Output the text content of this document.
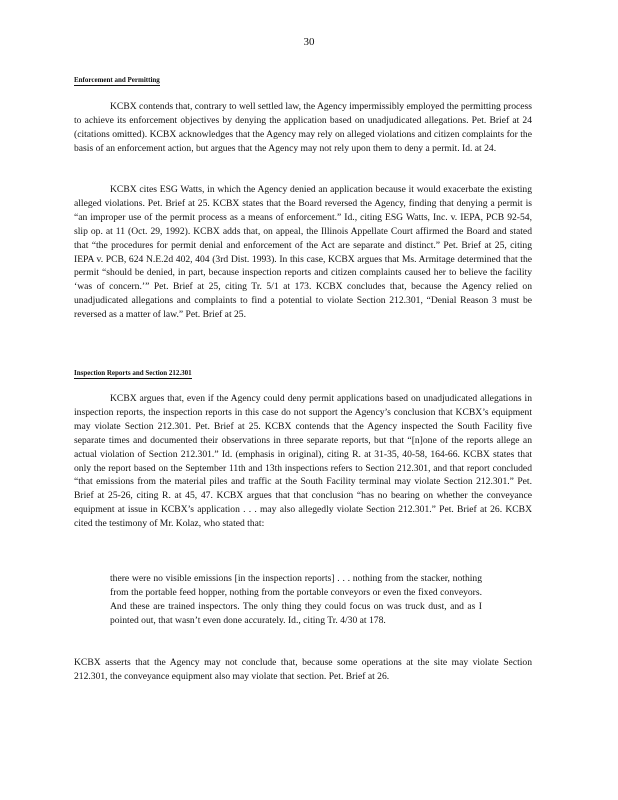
30
Enforcement and Permitting

KCBX contends that, contrary to well settled law, the Agency impermissibly employed the permitting process to achieve its enforcement objectives by denying the application based on unadjudicated allegations. Pet. Brief at 24 (citations omitted). KCBX acknowledges that the Agency may rely on alleged violations and citizen complaints for the basis of an enforcement action, but argues that the Agency may not rely upon them to deny a permit. Id. at 24.

KCBX cites ESG Watts, in which the Agency denied an application because it would exacerbate the existing alleged violations. Pet. Brief at 25. KCBX states that the Board reversed the Agency, finding that denying a permit is “an improper use of the permit process as a means of enforcement.” Id., citing ESG Watts, Inc. v. IEPA, PCB 92-54, slip op. at 11 (Oct. 29, 1992). KCBX adds that, on appeal, the Illinois Appellate Court affirmed the Board and stated that “the procedures for permit denial and enforcement of the Act are separate and distinct.” Pet. Brief at 25, citing IEPA v. PCB, 624 N.E.2d 402, 404 (3rd Dist. 1993). In this case, KCBX argues that Ms. Armitage determined that the permit “should be denied, in part, because inspection reports and citizen complaints caused her to believe the facility ‘was of concern.’” Pet. Brief at 25, citing Tr. 5/1 at 173. KCBX concludes that, because the Agency relied on unadjudicated allegations and complaints to find a potential to violate Section 212.301, “Denial Reason 3 must be reversed as a matter of law.” Pet. Brief at 25.

Inspection Reports and Section 212.301

KCBX argues that, even if the Agency could deny permit applications based on unadjudicated allegations in inspection reports, the inspection reports in this case do not support the Agency’s conclusion that KCBX’s equipment may violate Section 212.301. Pet. Brief at 25. KCBX contends that the Agency inspected the South Facility five separate times and documented their observations in three separate reports, but that “[n]one of the reports allege an actual violation of Section 212.301.” Id. (emphasis in original), citing R. at 31-35, 40-58, 164-66. KCBX states that only the report based on the September 11th and 13th inspections refers to Section 212.301, and that report concluded “that emissions from the material piles and traffic at the South Facility terminal may violate Section 212.301.” Pet. Brief at 25-26, citing R. at 45, 47. KCBX argues that that conclusion “has no bearing on whether the conveyance equipment at issue in KCBX’s application . . . may also allegedly violate Section 212.301.” Pet. Brief at 26. KCBX cited the testimony of Mr. Kolaz, who stated that:

there were no visible emissions [in the inspection reports] . . . nothing from the stacker, nothing from the portable feed hopper, nothing from the portable conveyors or even the fixed conveyors. And these are trained inspectors. The only thing they could focus on was truck dust, and as I pointed out, that wasn’t even done accurately. Id., citing Tr. 4/30 at 178.

KCBX asserts that the Agency may not conclude that, because some operations at the site may violate Section 212.301, the conveyance equipment also may violate that section. Pet. Brief at 26.
